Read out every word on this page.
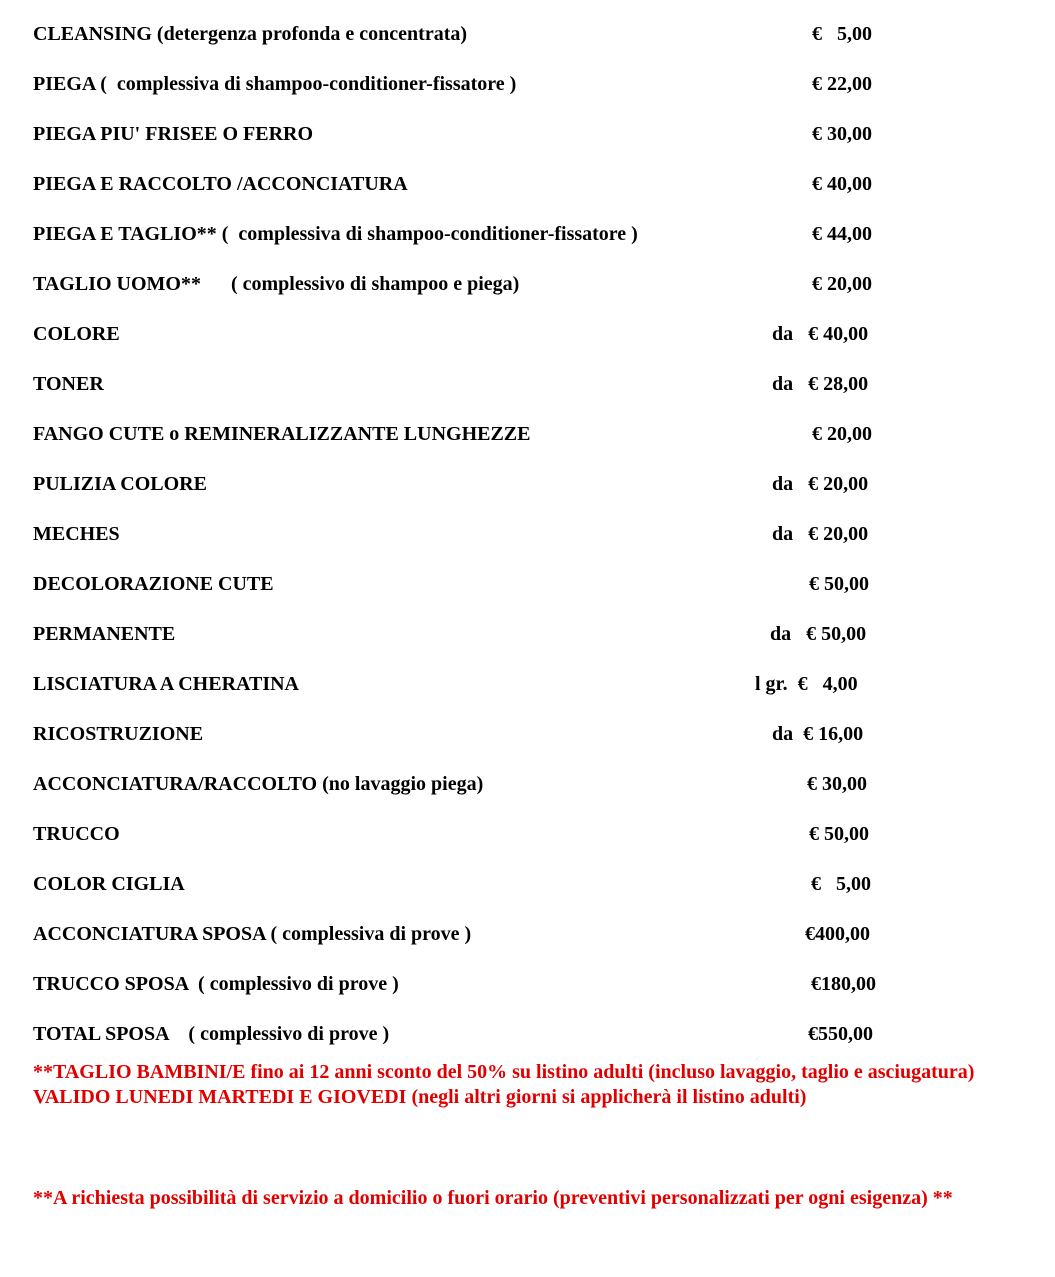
CLEANSING (detergenza profonda e concentrata)

	€   5,00

PIEGA (  complessiva di shampoo-conditioner-fissatore )

	€ 22,00

PIEGA PIU' FRISEE O FERRO

	€ 30,00

PIEGA E RACCOLTO /ACCONCIATURA

	€ 40,00

PIEGA E TAGLIO** (  complessiva di shampoo-conditioner-fissatore )

	€ 44,00

TAGLIO UOMO**      ( complessivo di shampoo e piega)

	€ 20,00

COLORE

	da   € 40,00

TONER

	da   € 28,00

FANGO CUTE o REMINERALIZZANTE LUNGHEZZE

	€ 20,00

PULIZIA COLORE

	da   € 20,00

MECHES

	da   € 20,00

DECOLORAZIONE CUTE

	€ 50,00

PERMANENTE

	da   € 50,00

LISCIATURA A CHERATINA

	l gr.  €   4,00

RICOSTRUZIONE

	da  € 16,00

ACCONCIATURA/RACCOLTO (no lavaggio piega)

	€ 30,00

TRUCCO

	€ 50,00

COLOR CIGLIA

	€   5,00

ACCONCIATURA SPOSA ( complessiva di prove )

	€400,00

TRUCCO SPOSA  ( complessivo di prove )

	€180,00

TOTAL SPOSA    ( complessivo di prove )

	€550,00

**TAGLIO BAMBINI/E fino ai 12 anni sconto del 50% su listino adulti (incluso lavaggio, taglio e asciugatura) VALIDO LUNEDI MARTEDI E GIOVEDI (negli altri giorni si applicherà il listino adulti)

**A richiesta possibilità di servizio a domicilio o fuori orario (preventivi personalizzati per ogni esigenza) **
